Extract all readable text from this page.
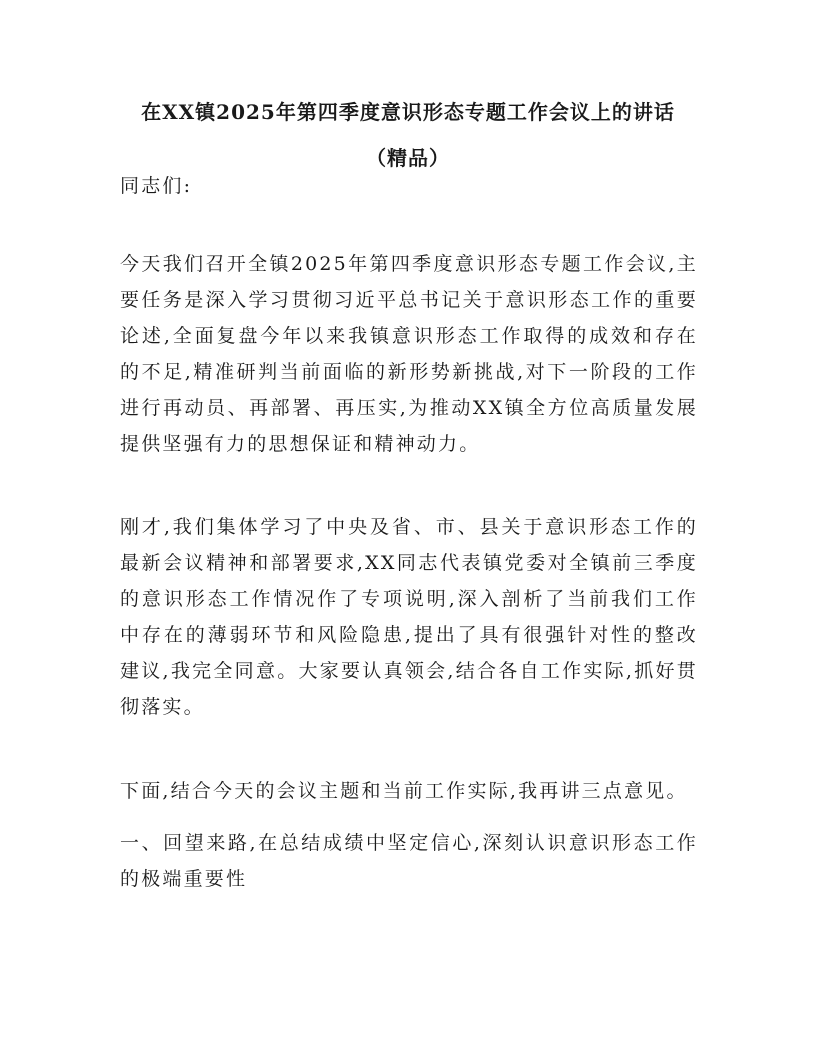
在XX镇2025年第四季度意识形态专题工作会议上的讲话
（精品）

同志们:

今天我们召开全镇2025年第四季度意识形态专题工作会议,主要任务是深入学习贯彻习近平总书记关于意识形态工作的重要论述,全面复盘今年以来我镇意识形态工作取得的成效和存在的不足,精准研判当前面临的新形势新挑战,对下一阶段的工作进行再动员、再部署、再压实,为推动XX镇全方位高质量发展提供坚强有力的思想保证和精神动力。

刚才,我们集体学习了中央及省、市、县关于意识形态工作的最新会议精神和部署要求,XX同志代表镇党委对全镇前三季度的意识形态工作情况作了专项说明,深入剖析了当前我们工作中存在的薄弱环节和风险隐患,提出了具有很强针对性的整改建议,我完全同意。大家要认真领会,结合各自工作实际,抓好贯彻落实。

下面,结合今天的会议主题和当前工作实际,我再讲三点意见。

一、回望来路,在总结成绩中坚定信心,深刻认识意识形态工作的极端重要性
